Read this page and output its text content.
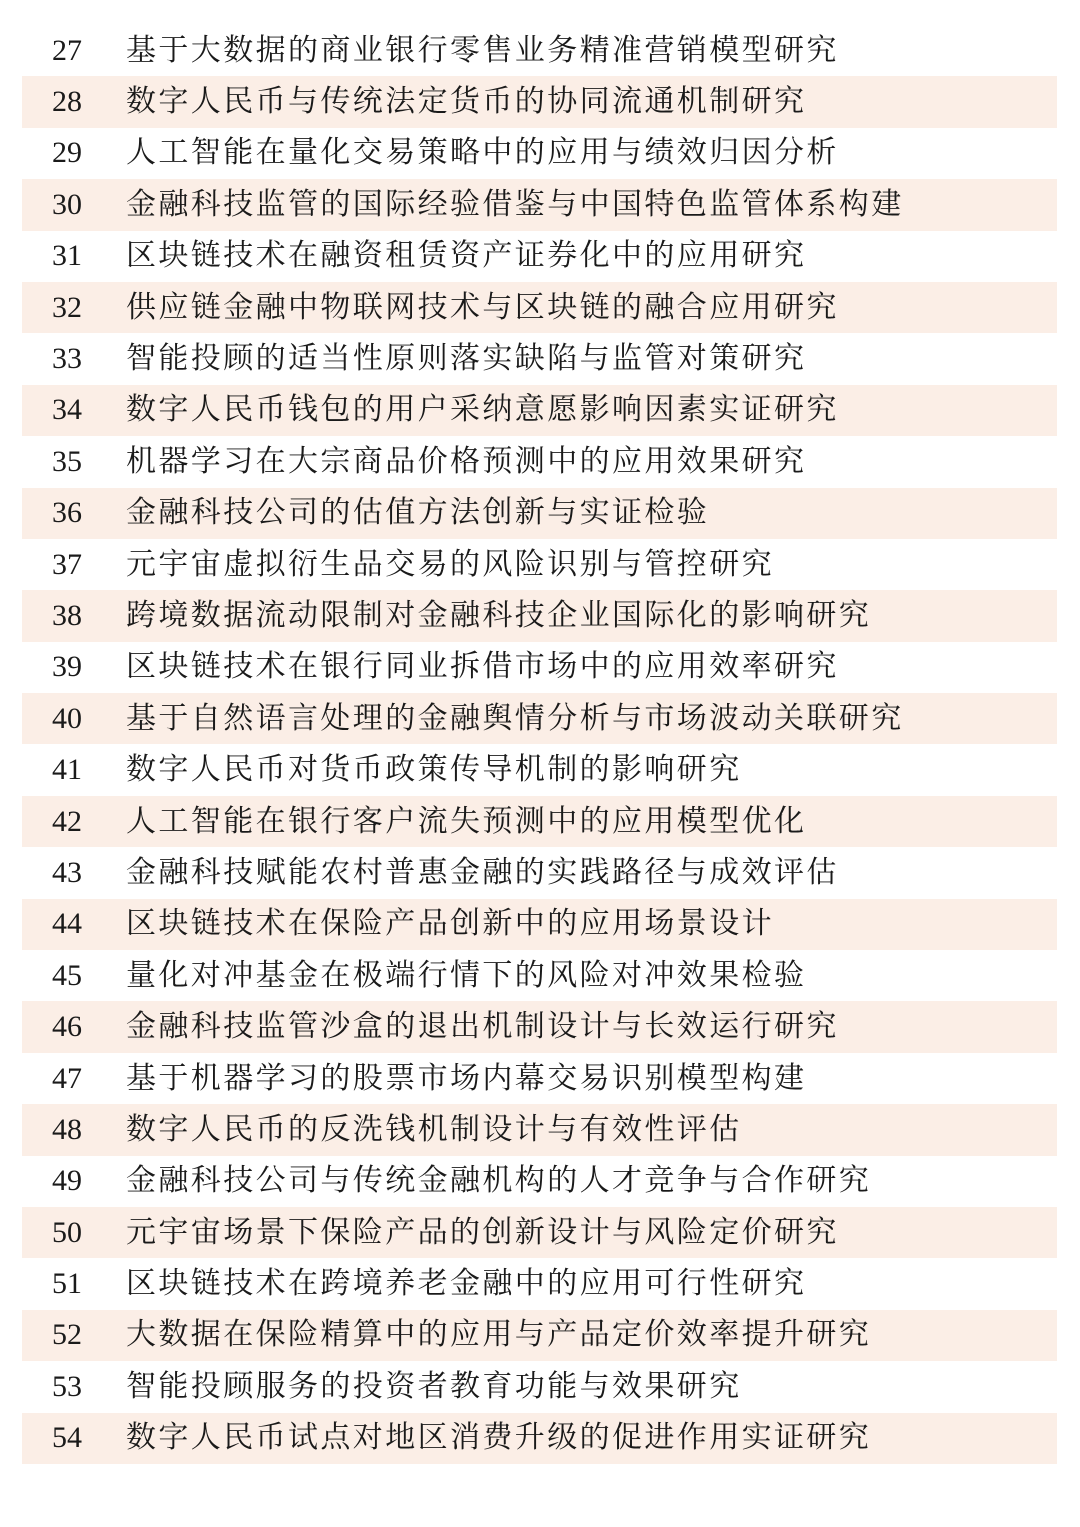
27	基于大数据的商业银行零售业务精准营销模型研究
28	数字人民币与传统法定货币的协同流通机制研究
29	人工智能在量化交易策略中的应用与绩效归因分析
30	金融科技监管的国际经验借鉴与中国特色监管体系构建
31	区块链技术在融资租赁资产证券化中的应用研究
32	供应链金融中物联网技术与区块链的融合应用研究
33	智能投顾的适当性原则落实缺陷与监管对策研究
34	数字人民币钱包的用户采纳意愿影响因素实证研究
35	机器学习在大宗商品价格预测中的应用效果研究
36	金融科技公司的估值方法创新与实证检验
37	元宇宙虚拟衍生品交易的风险识别与管控研究
38	跨境数据流动限制对金融科技企业国际化的影响研究
39	区块链技术在银行同业拆借市场中的应用效率研究
40	基于自然语言处理的金融舆情分析与市场波动关联研究
41	数字人民币对货币政策传导机制的影响研究
42	人工智能在银行客户流失预测中的应用模型优化
43	金融科技赋能农村普惠金融的实践路径与成效评估
44	区块链技术在保险产品创新中的应用场景设计
45	量化对冲基金在极端行情下的风险对冲效果检验
46	金融科技监管沙盒的退出机制设计与长效运行研究
47	基于机器学习的股票市场内幕交易识别模型构建
48	数字人民币的反洗钱机制设计与有效性评估
49	金融科技公司与传统金融机构的人才竞争与合作研究
50	元宇宙场景下保险产品的创新设计与风险定价研究
51	区块链技术在跨境养老金融中的应用可行性研究
52	大数据在保险精算中的应用与产品定价效率提升研究
53	智能投顾服务的投资者教育功能与效果研究
54	数字人民币试点对地区消费升级的促进作用实证研究
